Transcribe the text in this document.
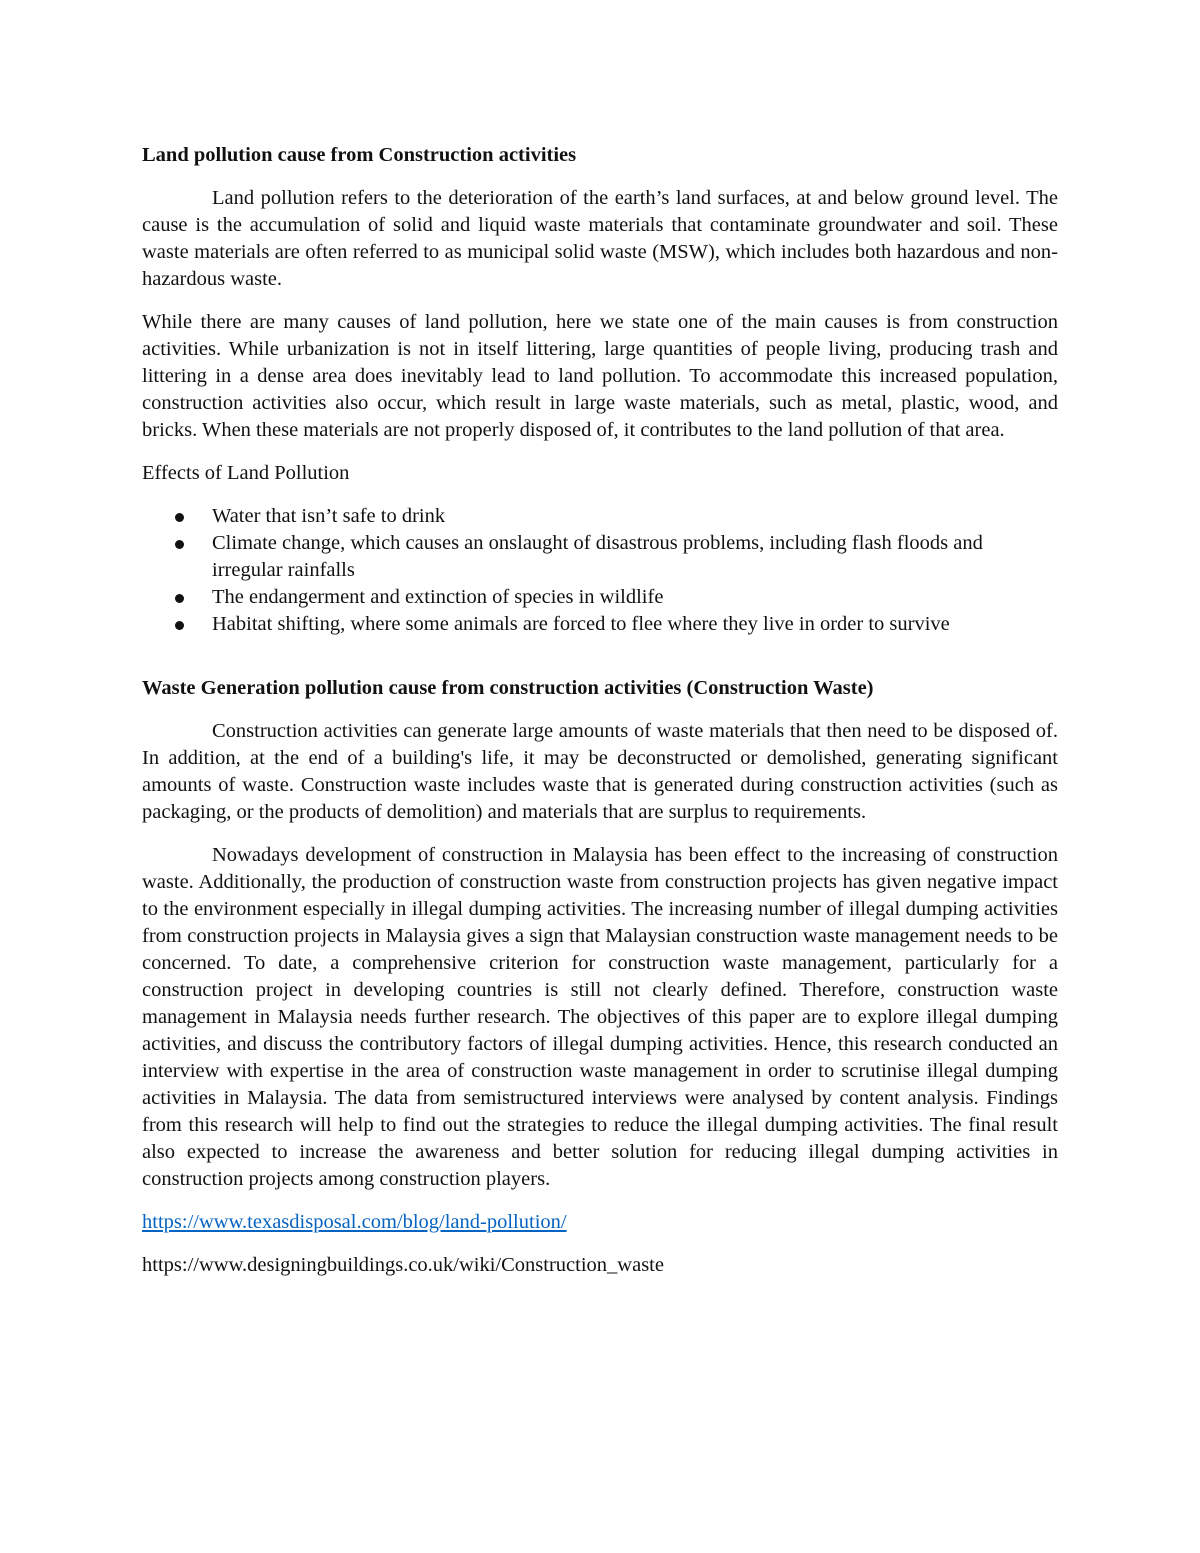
Land pollution cause from Construction activities

Land pollution refers to the deterioration of the earth’s land surfaces, at and below ground level. The cause is the accumulation of solid and liquid waste materials that contaminate groundwater and soil. These waste materials are often referred to as municipal solid waste (MSW), which includes both hazardous and non-hazardous waste.

While there are many causes of land pollution, here we state one of the main causes is from construction activities. While urbanization is not in itself littering, large quantities of people living, producing trash and littering in a dense area does inevitably lead to land pollution. To accommodate this increased population, construction activities also occur, which result in large waste materials, such as metal, plastic, wood, and bricks. When these materials are not properly disposed of, it contributes to the land pollution of that area.

Effects of Land Pollution

Water that isn’t safe to drink
Climate change, which causes an onslaught of disastrous problems, including flash floods and irregular rainfalls
The endangerment and extinction of species in wildlife
Habitat shifting, where some animals are forced to flee where they live in order to survive
Waste Generation pollution cause from construction activities (Construction Waste)

Construction activities can generate large amounts of waste materials that then need to be disposed of. In addition, at the end of a building's life, it may be deconstructed or demolished, generating significant amounts of waste. Construction waste includes waste that is generated during construction activities (such as packaging, or the products of demolition) and materials that are surplus to requirements.

Nowadays development of construction in Malaysia has been effect to the increasing of construction waste. Additionally, the production of construction waste from construction projects has given negative impact to the environment especially in illegal dumping activities. The increasing number of illegal dumping activities from construction projects in Malaysia gives a sign that Malaysian construction waste management needs to be concerned. To date, a comprehensive criterion for construction waste management, particularly for a construction project in developing countries is still not clearly defined. Therefore, construction waste management in Malaysia needs further research. The objectives of this paper are to explore illegal dumping activities, and discuss the contributory factors of illegal dumping activities. Hence, this research conducted an interview with expertise in the area of construction waste management in order to scrutinise illegal dumping activities in Malaysia. The data from semistructured interviews were analysed by content analysis. Findings from this research will help to find out the strategies to reduce the illegal dumping activities. The final result also expected to increase the awareness and better solution for reducing illegal dumping activities in construction projects among construction players.

https://www.texasdisposal.com/blog/land-pollution/

https://www.designingbuildings.co.uk/wiki/Construction_waste
